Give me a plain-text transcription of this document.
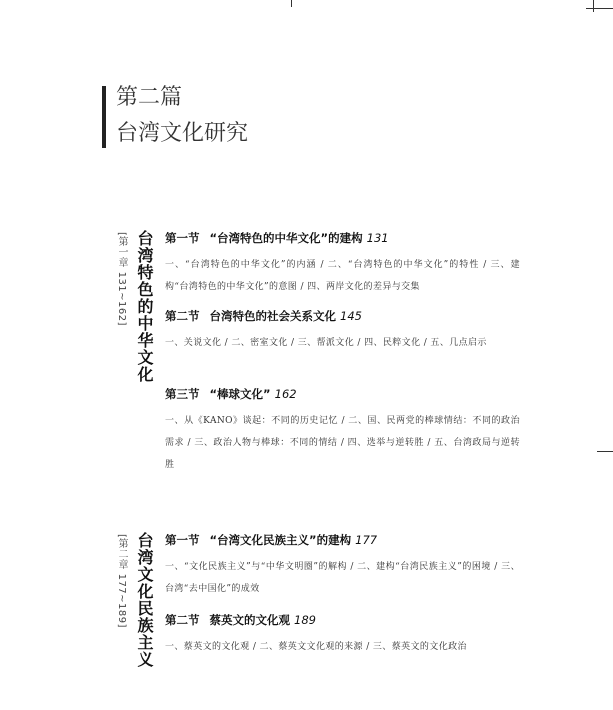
第二篇
台湾文化研究
[第一章 131~162] 台湾特色的中华文化 第一节 “台湾特色的中华文化”的建构 131
一、“台湾特色的中华文化”的内涵 / 二、“台湾特色的中华文化”的特性 / 三、建构“台湾特色的中华文化”的意图 / 四、两岸文化的差异与交集
第二节 台湾特色的社会关系文化 145
一、关说文化 / 二、密室文化 / 三、帮派文化 / 四、民粹文化 / 五、几点启示
第三节 “棒球文化” 162
一、从《KANO》谈起：不同的历史记忆 / 二、国、民两党的棒球情结：不同的政治需求 / 三、政治人物与棒球：不同的情结 / 四、选举与逆转胜 / 五、台湾政局与逆转胜
[第二章 177~189] 台湾文化民族主义 第一节 “台湾文化民族主义”的建构 177
一、“文化民族主义”与“中华文明圈”的解构 / 二、建构“台湾民族主义”的困境 / 三、台湾“去中国化”的成效
第二节 蔡英文的文化观 189
一、蔡英文的文化观 / 二、蔡英文文化观的来源 / 三、蔡英文的文化政治
